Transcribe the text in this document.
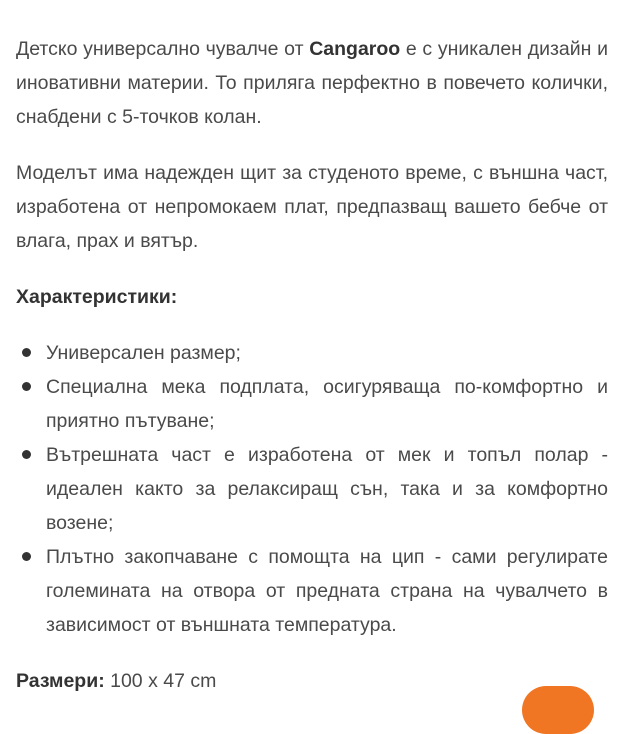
Детско универсално чувалче от Cangaroo е с уникален дизайн и иновативни материи. То приляга перфектно в повечето колички, снабдени с 5-точков колан.

Моделът има надежден щит за студеното време, с външна част, изработена от непромокаем плат, предпазващ вашето бебче от влага, прах и вятър.

Характеристики:
Универсален размер;
Специална мека подплата, осигуряваща по-комфортно и приятно пътуване;
Вътрешната част е изработена от мек и топъл полар - идеален както за релаксиращ сън, така и за комфортно возене;
Плътно закопчаване с помощта на цип - сами регулирате големината на отвора от предната страна на чувалчето в зависимост от външната температура.

Размери: 100 x 47 cm
